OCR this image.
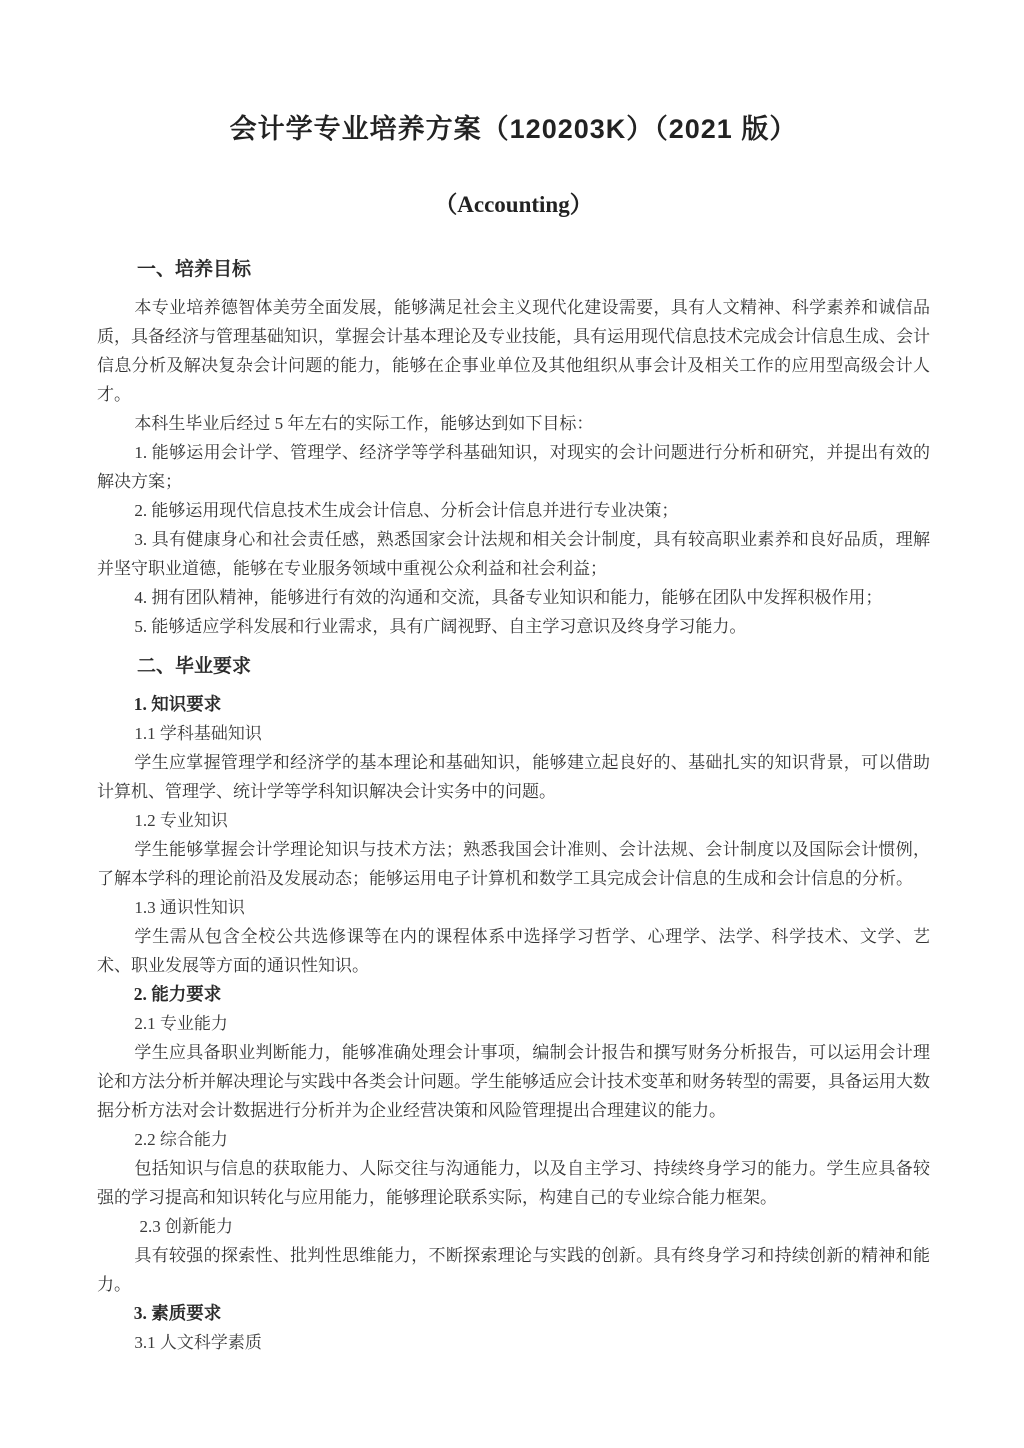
会计学专业培养方案（120203K）（2021 版）
（Accounting）
一、培养目标

本专业培养德智体美劳全面发展，能够满足社会主义现代化建设需要，具有人文精神、科学素养和诚信品质，具备经济与管理基础知识，掌握会计基本理论及专业技能，具有运用现代信息技术完成会计信息生成、会计信息分析及解决复杂会计问题的能力，能够在企事业单位及其他组织从事会计及相关工作的应用型高级会计人才。

本科生毕业后经过 5 年左右的实际工作，能够达到如下目标：

1. 能够运用会计学、管理学、经济学等学科基础知识，对现实的会计问题进行分析和研究，并提出有效的解决方案；

2. 能够运用现代信息技术生成会计信息、分析会计信息并进行专业决策；

3. 具有健康身心和社会责任感，熟悉国家会计法规和相关会计制度，具有较高职业素养和良好品质，理解并坚守职业道德，能够在专业服务领域中重视公众利益和社会利益；

4. 拥有团队精神，能够进行有效的沟通和交流，具备专业知识和能力，能够在团队中发挥积极作用；

5. 能够适应学科发展和行业需求，具有广阔视野、自主学习意识及终身学习能力。

二、毕业要求

1. 知识要求

1.1 学科基础知识

学生应掌握管理学和经济学的基本理论和基础知识，能够建立起良好的、基础扎实的知识背景，可以借助计算机、管理学、统计学等学科知识解决会计实务中的问题。

1.2 专业知识

学生能够掌握会计学理论知识与技术方法；熟悉我国会计准则、会计法规、会计制度以及国际会计惯例，了解本学科的理论前沿及发展动态；能够运用电子计算机和数学工具完成会计信息的生成和会计信息的分析。

1.3 通识性知识

学生需从包含全校公共选修课等在内的课程体系中选择学习哲学、心理学、法学、科学技术、文学、艺术、职业发展等方面的通识性知识。

2. 能力要求

2.1 专业能力

学生应具备职业判断能力，能够准确处理会计事项，编制会计报告和撰写财务分析报告，可以运用会计理论和方法分析并解决理论与实践中各类会计问题。学生能够适应会计技术变革和财务转型的需要，具备运用大数据分析方法对会计数据进行分析并为企业经营决策和风险管理提出合理建议的能力。

2.2 综合能力

包括知识与信息的获取能力、人际交往与沟通能力，以及自主学习、持续终身学习的能力。学生应具备较强的学习提高和知识转化与应用能力，能够理论联系实际，构建自己的专业综合能力框架。

2.3 创新能力

具有较强的探索性、批判性思维能力，不断探索理论与实践的创新。具有终身学习和持续创新的精神和能力。

3. 素质要求

3.1 人文科学素质
